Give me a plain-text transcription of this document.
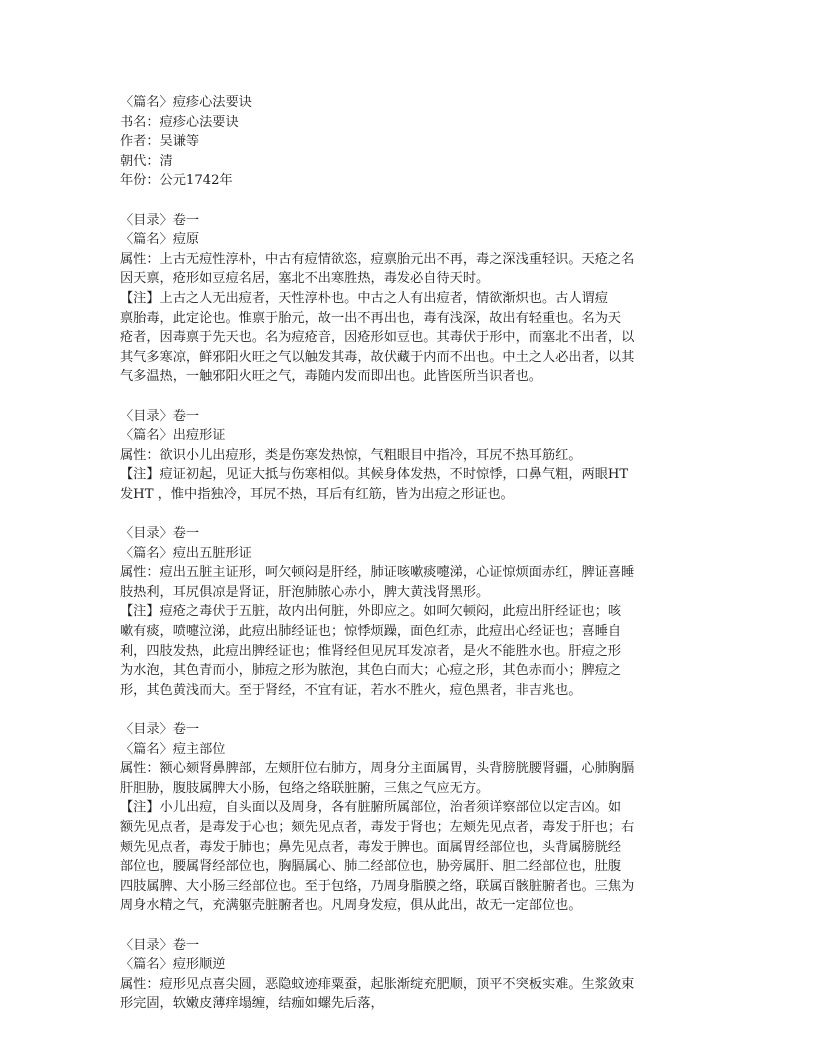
〈篇名〉痘疹心法要诀
书名：痘疹心法要诀
作者：吴谦等
朝代：清
年份：公元1742年
〈目录〉卷一
〈篇名〉痘原
属性：上古无痘性淳朴，中古有痘情欲恣，痘禀胎元出不再，毒之深浅重轻识。天疮之名
因天禀，疮形如豆痘名居，塞北不出寒胜热，毒发必自待天时。
【注】上古之人无出痘者，天性淳朴也。中古之人有出痘者，情欲渐炽也。古人谓痘
禀胎毒，此定论也。惟禀于胎元，故一出不再出也，毒有浅深，故出有轻重也。名为天
疮者，因毒禀于先天也。名为痘疮音，因疮形如豆也。其毒伏于形中，而塞北不出者，以
其气多寒凉，鲜邪阳火旺之气以触发其毒，故伏藏于内而不出也。中土之人必出者，以其
气多温热，一触邪阳火旺之气，毒随内发而即出也。此皆医所当识者也。
〈目录〉卷一
〈篇名〉出痘形证
属性：欲识小儿出痘形，类是伤寒发热惊，气粗眼目中指冷，耳尻不热耳筋红。
【注】痘证初起，见证大抵与伤寒相似。其候身体发热，不时惊悸，口鼻气粗，两眼HT
发HT ，惟中指独冷，耳尻不热，耳后有红筋，皆为出痘之形证也。
〈目录〉卷一
〈篇名〉痘出五脏形证
属性：痘出五脏主证形，呵欠顿闷是肝经，肺证咳嗽痰嚏涕，心证惊烦面赤红，脾证喜睡
肢热利，耳尻俱凉是肾证，肝泡肺脓心赤小，脾大黄浅肾黑形。
【注】痘疮之毒伏于五脏，故内出何脏，外即应之。如呵欠顿闷，此痘出肝经证也；咳
嗽有痰，喷嚏泣涕，此痘出肺经证也；惊悸烦躁，面色红赤，此痘出心经证也；喜睡自
利，四肢发热，此痘出脾经证也；惟肾经但见尻耳发凉者，是火不能胜水也。肝痘之形
为水泡，其色青而小，肺痘之形为脓泡，其色白而大；心痘之形，其色赤而小；脾痘之
形，其色黄浅而大。至于肾经，不宜有证，若水不胜火，痘色黑者，非吉兆也。
〈目录〉卷一
〈篇名〉痘主部位
属性：额心颏肾鼻脾部，左颊肝位右肺方，周身分主面属胃，头背膀胱腰肾疆，心肺胸膈
肝胆胁，腹肢属脾大小肠，包络之络联脏腑，三焦之气应无方。
【注】小儿出痘，自头面以及周身，各有脏腑所属部位，治者须详察部位以定吉凶。如
额先见点者，是毒发于心也；颏先见点者，毒发于肾也；左颊先见点者，毒发于肝也；右
颊先见点者，毒发于肺也；鼻先见点者，毒发于脾也。面属胃经部位也，头背属膀胱经
部位也，腰属肾经部位也，胸膈属心、肺二经部位也，胁旁属肝、胆二经部位也，肚腹
四肢属脾、大小肠三经部位也。至于包络，乃周身脂膜之络，联属百骸脏腑者也。三焦为
周身水精之气，充满躯壳脏腑者也。凡周身发痘，俱从此出，故无一定部位也。
〈目录〉卷一
〈篇名〉痘形顺逆
属性：痘形见点喜尖圆，恶隐蚊迹痱粟蚕，起胀渐绽充肥顺，顶平不突板实难。生浆敛束
形完固，软嫩皮薄痒塌缠，结痂如螺先后落，
